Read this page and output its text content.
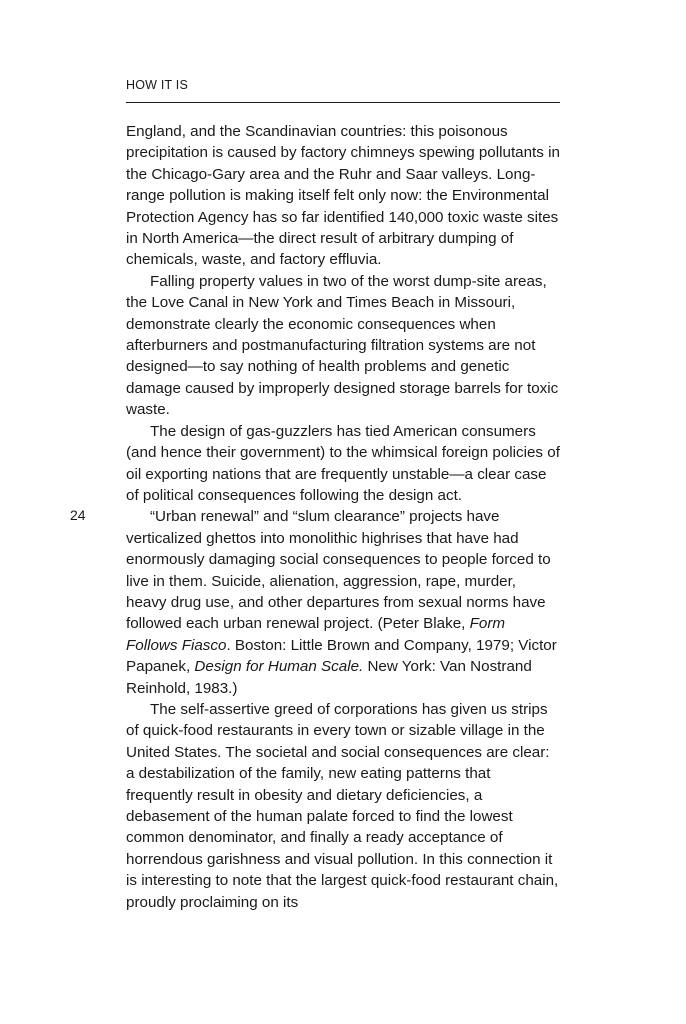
HOW IT IS
24

England, and the Scandinavian countries: this poisonous precipitation is caused by factory chimneys spewing pollutants in the Chicago-Gary area and the Ruhr and Saar valleys. Long-range pollution is making itself felt only now: the Environmental Protection Agency has so far identified 140,000 toxic waste sites in North America—the direct result of arbitrary dumping of chemicals, waste, and factory effluvia.

Falling property values in two of the worst dump-site areas, the Love Canal in New York and Times Beach in Missouri, demonstrate clearly the economic consequences when afterburners and postmanufacturing filtration systems are not designed—to say nothing of health problems and genetic damage caused by improperly designed storage barrels for toxic waste.

The design of gas-guzzlers has tied American consumers (and hence their government) to the whimsical foreign policies of oil exporting nations that are frequently unstable—a clear case of political consequences following the design act.

“Urban renewal” and “slum clearance” projects have verticalized ghettos into monolithic highrises that have had enormously damaging social consequences to people forced to live in them. Suicide, alienation, aggression, rape, murder, heavy drug use, and other departures from sexual norms have followed each urban renewal project. (Peter Blake, Form Follows Fiasco. Boston: Little Brown and Company, 1979; Victor Papanek, Design for Human Scale. New York: Van Nostrand Reinhold, 1983.)

The self-assertive greed of corporations has given us strips of quick-food restaurants in every town or sizable village in the United States. The societal and social consequences are clear: a destabilization of the family, new eating patterns that frequently result in obesity and dietary deficiencies, a debasement of the human palate forced to find the lowest common denominator, and finally a ready acceptance of horrendous garishness and visual pollution. In this connection it is interesting to note that the largest quick-food restaurant chain, proudly proclaiming on its
